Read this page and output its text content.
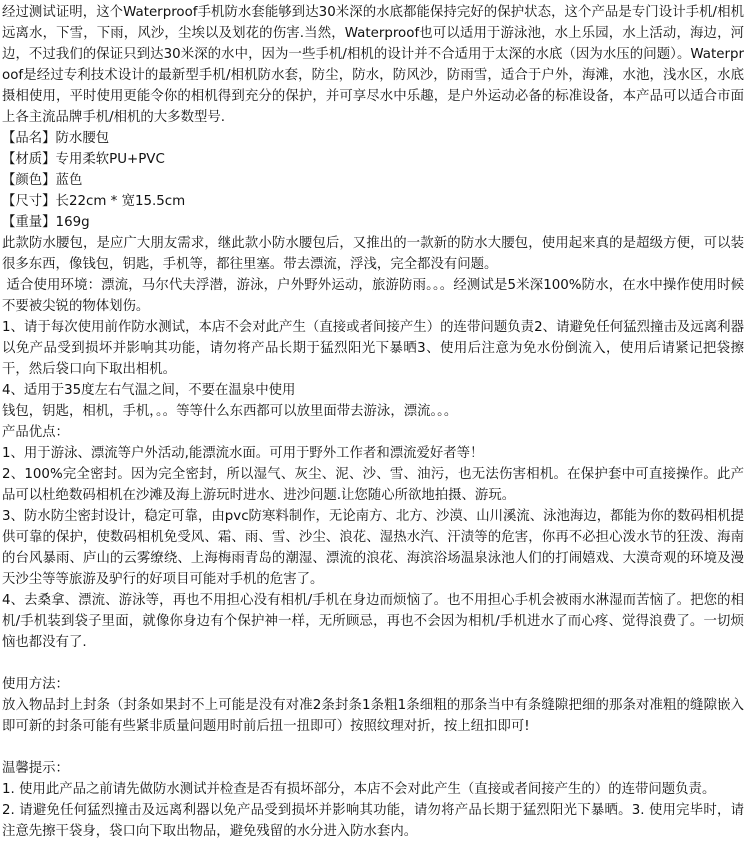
经过测试证明，这个Waterproof手机防水套能够到达30米深的水底都能保持完好的保护状态，这个产品是专门设计手机/相机远离水，下雪，下雨，风沙，尘埃以及划花的伤害.当然，Waterproof也可以适用于游泳池，水上乐园，水上活动，海边，河边，不过我们的保证只到达30米深的水中，因为一些手机/相机的设计并不合适用于太深的水底（因为水压的问题）。Waterproof是经过专利技术设计的最新型手机/相机防水套，防尘，防水，防风沙，防雨雪，适合于户外，海滩，水池，浅水区，水底摄相使用，平时使用更能令你的相机得到充分的保护，并可享尽水中乐趣，是户外运动必备的标准设备，本产品可以适合市面上各主流品牌手机/相机的大多数型号.

【品名】防水腰包

【材质】专用柔软PU+PVC

【颜色】蓝色

【尺寸】长22cm * 宽15.5cm

【重量】169g

此款防水腰包，是应广大朋友需求，继此款小防水腰包后，又推出的一款新的防水大腰包，使用起来真的是超级方便，可以装很多东西，像钱包，钥匙，手机等，都往里塞。带去漂流，浮浅，完全都没有问题。

适合使用环境：漂流，马尔代夫浮潜，游泳，户外野外运动，旅游防雨。。。经测试是5米深100%防水，在水中操作使用时候不要被尖锐的物体划伤。

1、请于每次使用前作防水测试，本店不会对此产生（直接或者间接产生）的连带问题负责2、请避免任何猛烈撞击及远离利器以免产品受到损坏并影响其功能，请勿将产品长期于猛烈阳光下暴晒3、使用后注意为免水份倒流入，使用后请紧记把袋擦干，然后袋口向下取出相机。

4、适用于35度左右气温之间，不要在温泉中使用

钱包，钥匙，相机，手机，。。等等什么东西都可以放里面带去游泳，漂流。。。

产品优点：

1、用于游泳、漂流等户外活动,能漂流水面。可用于野外工作者和漂流爱好者等！

2、100%完全密封。因为完全密封，所以湿气、灰尘、泥、沙、雪、油污，也无法伤害相机。在保护套中可直接操作。此产品可以杜绝数码相机在沙滩及海上游玩时进水、进沙问题.让您随心所欲地拍摄、游玩。

3、防水防尘密封设计，稳定可靠，由pvc防寒料制作，无论南方、北方、沙漠、山川溪流、泳池海边，都能为你的数码相机提供可靠的保护，使数码相机免受风、霜、雨、雪、沙尘、浪花、湿热水汽、汗渍等的危害，你再不必担心泼水节的狂泼、海南的台风暴雨、庐山的云雾缭绕、上海梅雨青岛的潮湿、漂流的浪花、海滨浴场温泉泳池人们的打闹嬉戏、大漠奇观的环境及漫天沙尘等等旅游及驴行的好项目可能对手机的危害了。

4、去桑拿、漂流、游泳等，再也不用担心没有相机/手机在身边而烦恼了。也不用担心手机会被雨水淋湿而苦恼了。把您的相机/手机装到袋子里面，就像你身边有个保护神一样，无所顾忌，再也不会因为相机/手机进水了而心疼、觉得浪费了。一切烦恼也都没有了.

使用方法：

放入物品封上封条（封条如果封不上可能是没有对准2条封条1条粗1条细粗的那条当中有条缝隙把细的那条对准粗的缝隙嵌入即可新的封条可能有些紧非质量问题用时前后扭一扭即可）按照纹理对折，按上纽扣即可!

温馨提示：

1. 使用此产品之前请先做防水测试并检查是否有损坏部分，本店不会对此产生（直接或者间接产生的）的连带问题负责。

2. 请避免任何猛烈撞击及远离利器以免产品受到损坏并影响其功能，请勿将产品长期于猛烈阳光下暴晒。3. 使用完毕时，请注意先擦干袋身，袋口向下取出物品，避免残留的水分进入防水套内。
